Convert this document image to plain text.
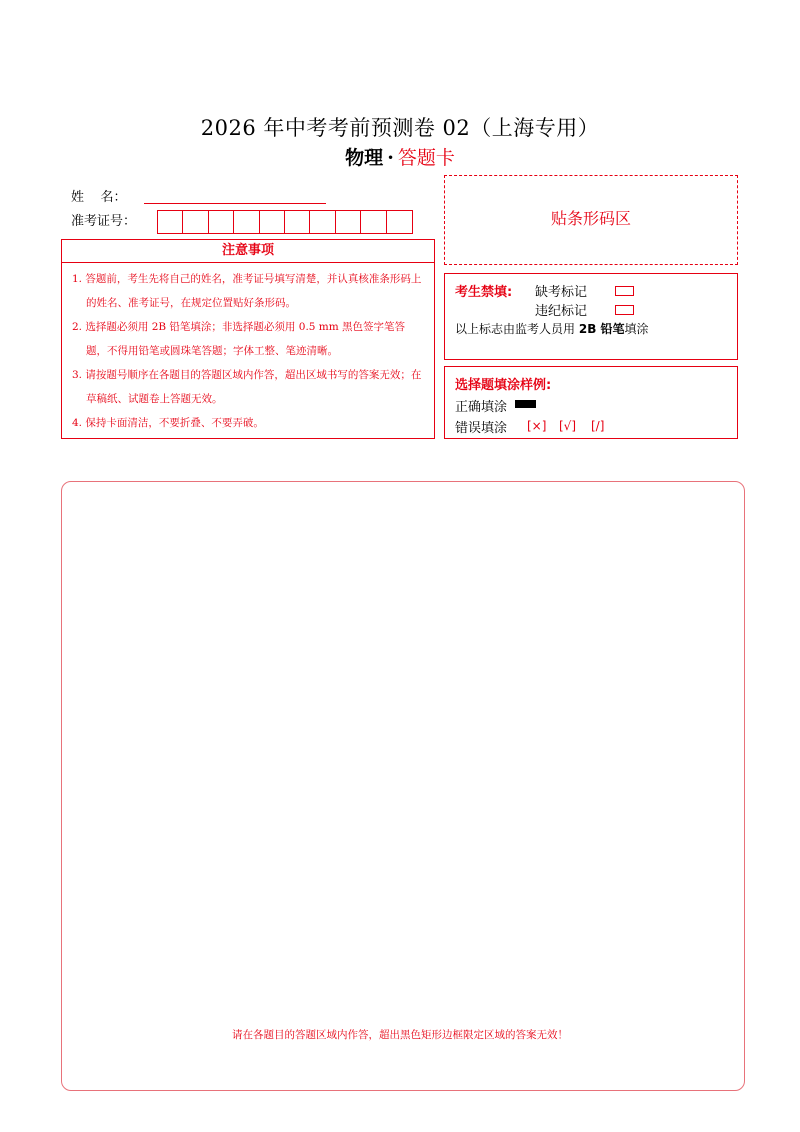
2026 年中考考前预测卷 02（上海专用）
物理 · 答题卡
姓    名：
准考证号：	贴条形码区
注意事项
1. 答题前，考生先将自己的姓名，准考证号填写清楚，并认真核准条形码上的姓名、准考证号，在规定位置贴好条形码。
2. 选择题必须用 2B 铅笔填涂；非选择题必须用 0.5 mm 黑色签字笔答题，不得用铅笔或圆珠笔答题；字体工整、笔迹清晰。
3. 请按题号顺序在各题目的答题区域内作答，超出区域书写的答案无效；在草稿纸、试题卷上答题无效。
4. 保持卡面清洁，不要折叠、不要弄破。
考生禁填: 缺考标记
违纪标记
以上标志由监考人员用 2B 铅笔填涂
选择题填涂样例:
正确填涂
错误填涂 [×] [√] [/]
请在各题目的答题区域内作答，超出黑色矩形边框限定区域的答案无效！
